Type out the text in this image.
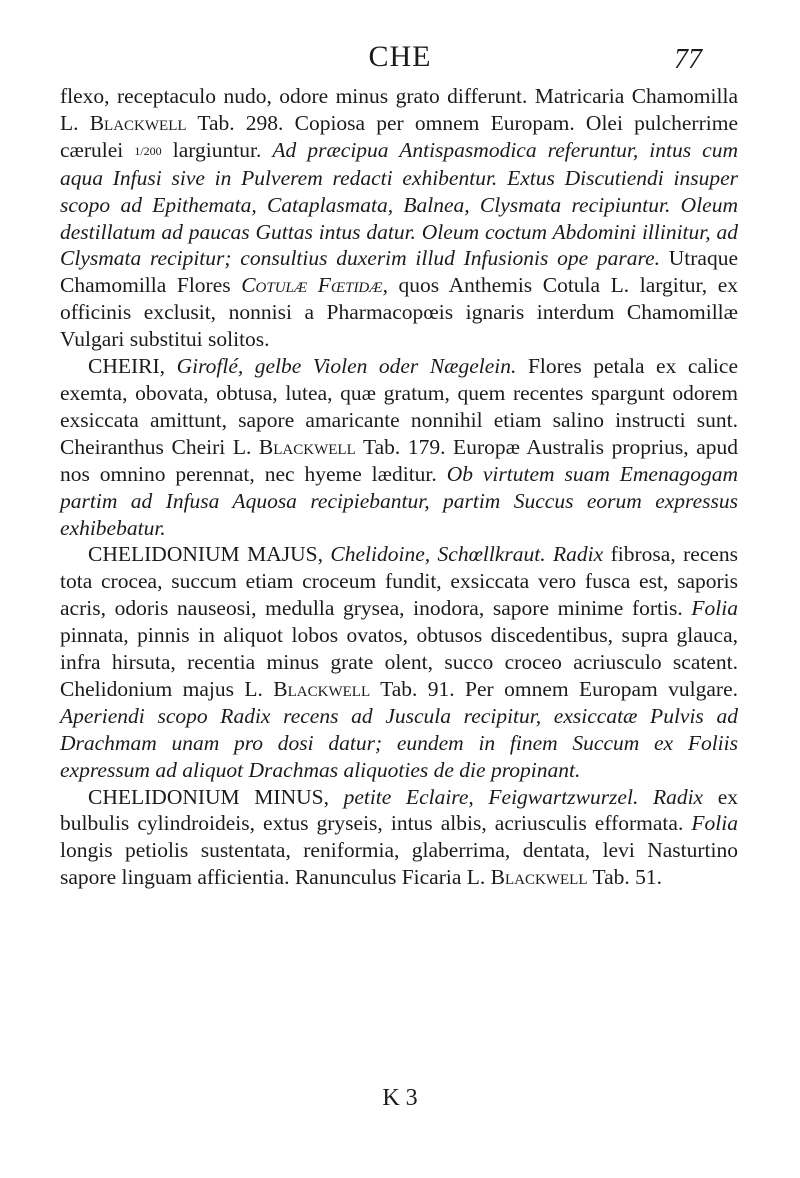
CHE	77

flexo, receptaculo nudo, odore minus grato differunt. Matricaria Chamomilla L. Blackwell Tab. 298. Copiosa per omnem Europam. Olei pulcherrime cærulei 1/200 largiuntur. Ad præcipua Antispasmodica referuntur, intus cum aqua Infusi sive in Pulverem redacti exhibentur. Extus Discutiendi insuper scopo ad Epithemata, Cataplasmata, Balnea, Clysmata recipiuntur. Oleum destillatum ad paucas Guttas intus datur. Oleum coctum Abdomini illinitur, ad Clysmata recipitur; consultius duxerim illud Infusionis ope parare. Utraque Chamomilla Flores Cotulæ Fœtidæ, quos Anthemis Cotula L. largitur, ex officinis exclusit, nonnisi a Pharmacopœis ignaris interdum Chamomillæ Vulgari substitui solitos.

CHEIRI, Giroflé, gelbe Violen oder Nægelein. Flores petala ex calice exemta, obovata, obtusa, lutea, quæ gratum, quem recentes spargunt odorem exsiccata amittunt, sapore amaricante nonnihil etiam salino instructi sunt. Cheiranthus Cheiri L. Blackwell Tab. 179. Europæ Australis proprius, apud nos omnino perennat, nec hyeme læditur. Ob virtutem suam Emenagogam partim ad Infusa Aquosa recipiebantur, partim Succus eorum expressus exhibebatur.

CHELIDONIUM MAJUS, Chelidoine, Schœllkraut. Radix fibrosa, recens tota crocea, succum etiam croceum fundit, exsiccata vero fusca est, saporis acris, odoris nauseosi, medulla grysea, inodora, sapore minime fortis. Folia pinnata, pinnis in aliquot lobos ovatos, obtusos discedentibus, supra glauca, infra hirsuta, recentia minus grate olent, succo croceo acriusculo scatent. Chelidonium majus L. Blackwell Tab. 91. Per omnem Europam vulgare. Aperiendi scopo Radix recens ad Jusculа recipitur, exsiccatæ Pulvis ad Drachmam unam pro dosi datur; eundem in finem Succum ex Foliis expressum ad aliquot Drachmas aliquoties de die propinant.

CHELIDONIUM MINUS, petite Eclaire, Feigwartzwurzel. Radix ex bulbulis cylindroideis, extus gryseis, intus albis, acriusculis efformata. Folia longis petiolis sustentata, reniformia, glaberrima, dentata, levi Nasturtino sapore linguam afficientia. Ranunculus Ficaria L. Blackwell Tab. 51.

K 3
